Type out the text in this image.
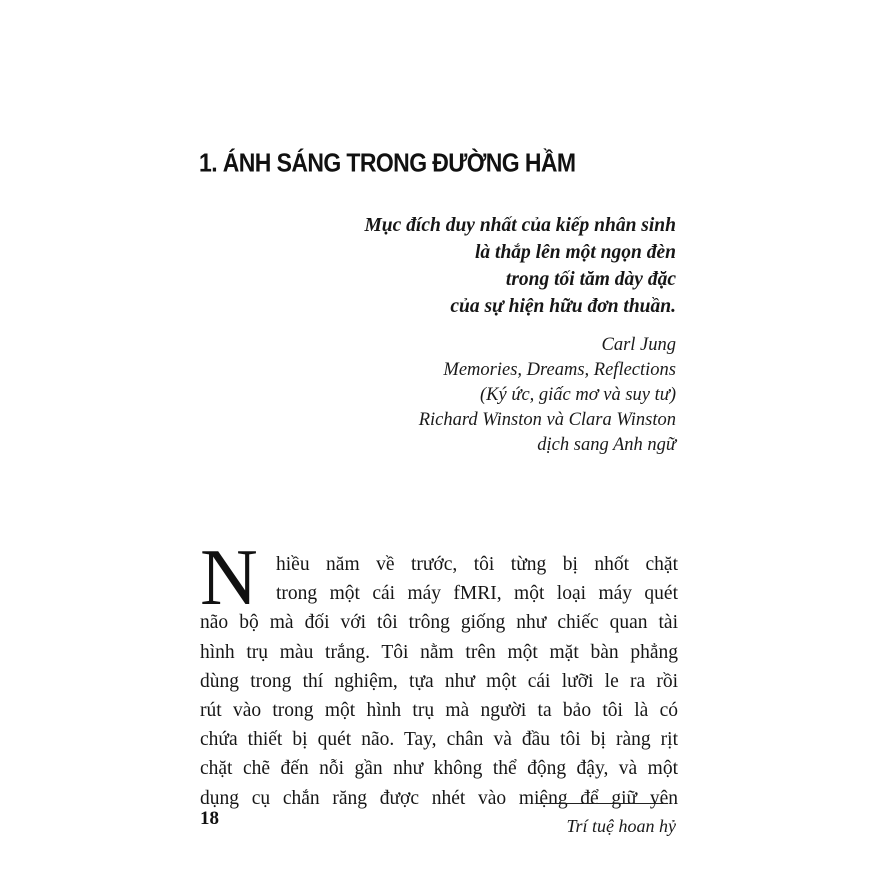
1. ÁNH SÁNG TRONG ĐƯỜNG HẦM
Mục đích duy nhất của kiếp nhân sinh
là thắp lên một ngọn đèn
trong tối tăm dày đặc
của sự hiện hữu đơn thuần.
Carl Jung
Memories, Dreams, Reflections
(Ký ức, giấc mơ và suy tư)
Richard Winston và Clara Winston
dịch sang Anh ngữ
N hiều năm về trước, tôi từng bị nhốt chặt
trong một cái máy fMRI, một loại máy quét
não bộ mà đối với tôi trông giống như chiếc quan tài
hình trụ màu trắng. Tôi nằm trên một mặt bàn phẳng
dùng trong thí nghiệm, tựa như một cái lưỡi le ra rồi
rút vào trong một hình trụ mà người ta bảo tôi là có
chứa thiết bị quét não. Tay, chân và đầu tôi bị ràng rịt
chặt chẽ đến nỗi gần như không thể động đậy, và một
dụng cụ chắn răng được nhét vào miệng để giữ yên
18	Trí tuệ hoan hỷ
